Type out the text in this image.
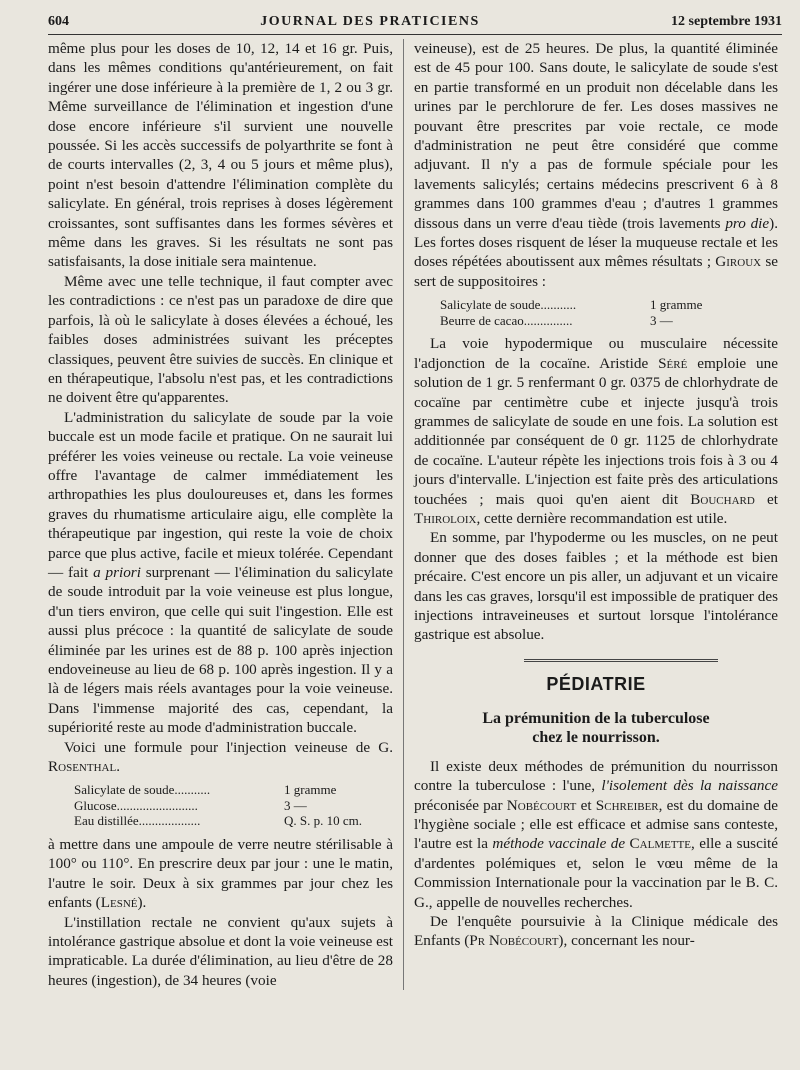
604	JOURNAL DES PRATICIENS	12 septembre 1931

même plus pour les doses de 10, 12, 14 et 16 gr. Puis, dans les mêmes conditions qu'antérieurement, on fait ingérer une dose inférieure à la première de 1, 2 ou 3 gr. Même surveillance de l'élimination et ingestion d'une dose encore inférieure s'il survient une nouvelle poussée. Si les accès successifs de polyarthrite se font à de courts intervalles (2, 3, 4 ou 5 jours et même plus), point n'est besoin d'attendre l'élimination complète du salicylate. En général, trois reprises à doses légèrement croissantes, sont suffisantes dans les formes sévères et même dans les graves. Si les résultats ne sont pas satisfaisants, la dose initiale sera maintenue.

Même avec une telle technique, il faut compter avec les contradictions : ce n'est pas un paradoxe de dire que parfois, là où le salicylate à doses élevées a échoué, les faibles doses administrées suivant les préceptes classiques, peuvent être suivies de succès. En clinique et en thérapeutique, l'absolu n'est pas, et les contradictions ne doivent être qu'apparentes.

L'administration du salicylate de soude par la voie buccale est un mode facile et pratique. On ne saurait lui préférer les voies veineuse ou rectale. La voie veineuse offre l'avantage de calmer immédiatement les arthropathies les plus douloureuses et, dans les formes graves du rhumatisme articulaire aigu, elle complète la thérapeutique par ingestion, qui reste la voie de choix parce que plus active, facile et mieux tolérée. Cependant — fait a priori surprenant — l'élimination du salicylate de soude introduit par la voie veineuse est plus longue, d'un tiers environ, que celle qui suit l'ingestion. Elle est aussi plus précoce : la quantité de salicylate de soude éliminée par les urines est de 88 p. 100 après injection endoveineuse au lieu de 68 p. 100 après ingestion. Il y a là de légers mais réels avantages pour la voie veineuse. Dans l'immense majorité des cas, cependant, la supériorité reste au mode d'administration buccale.

Voici une formule pour l'injection veineuse de G. Rosenthal.

Salicylate de soude...........	1 gramme
Glucose.........................	3 —
Eau distillée...................	Q. S. p. 10 cm.

à mettre dans une ampoule de verre neutre stérilisable à 100° ou 110°. En prescrire deux par jour : une le matin, l'autre le soir. Deux à six grammes par jour chez les enfants (Lesné).

L'instillation rectale ne convient qu'aux sujets à intolérance gastrique absolue et dont la voie veineuse est impraticable. La durée d'élimination, au lieu d'être de 28 heures (ingestion), de 34 heures (voie

veineuse), est de 25 heures. De plus, la quantité éliminée est de 45 pour 100. Sans doute, le salicylate de soude s'est en partie transformé en un produit non décelable dans les urines par le perchlorure de fer. Les doses massives ne pouvant être prescrites par voie rectale, ce mode d'administration ne peut être considéré que comme adjuvant. Il n'y a pas de formule spéciale pour les lavements salicylés; certains médecins prescrivent 6 à 8 grammes dans 100 grammes d'eau ; d'autres 1 grammes dissous dans un verre d'eau tiède (trois lavements pro die). Les fortes doses risquent de léser la muqueuse rectale et les doses répétées aboutissent aux mêmes résultats ; Giroux se sert de suppositoires :

Salicylate de soude...........	1 gramme
Beurre de cacao...............	3 —

La voie hypodermique ou musculaire nécessite l'adjonction de la cocaïne. Aristide Séré emploie une solution de 1 gr. 5 renfermant 0 gr. 0375 de chlorhydrate de cocaïne par centimètre cube et injecte jusqu'à trois grammes de salicylate de soude en une fois. La solution est additionnée par conséquent de 0 gr. 1125 de chlorhydrate de cocaïne. L'auteur répète les injections trois fois à 3 ou 4 jours d'intervalle. L'injection est faite près des articulations touchées ; mais quoi qu'en aient dit Bouchard et Thiroloix, cette dernière recommandation est utile.

En somme, par l'hypoderme ou les muscles, on ne peut donner que des doses faibles ; et la méthode est bien précaire. C'est encore un pis aller, un adjuvant et un vicaire dans les cas graves, lorsqu'il est impossible de pratiquer des injections intraveineuses et surtout lorsque l'intolérance gastrique est absolue.

PÉDIATRIE
La prémunition de la tuberculose
chez le nourrisson.

Il existe deux méthodes de prémunition du nourrisson contre la tuberculose : l'une, l'isolement dès la naissance préconisée par Nobécourt et Schreiber, est du domaine de l'hygiène sociale ; elle est efficace et admise sans conteste, l'autre est la méthode vaccinale de Calmette, elle a suscité d'ardentes polémiques et, selon le vœu même de la Commission Internationale pour la vaccination par le B. C. G., appelle de nouvelles recherches.

De l'enquête poursuivie à la Clinique médicale des Enfants (Pr Nobécourt), concernant les nour-
